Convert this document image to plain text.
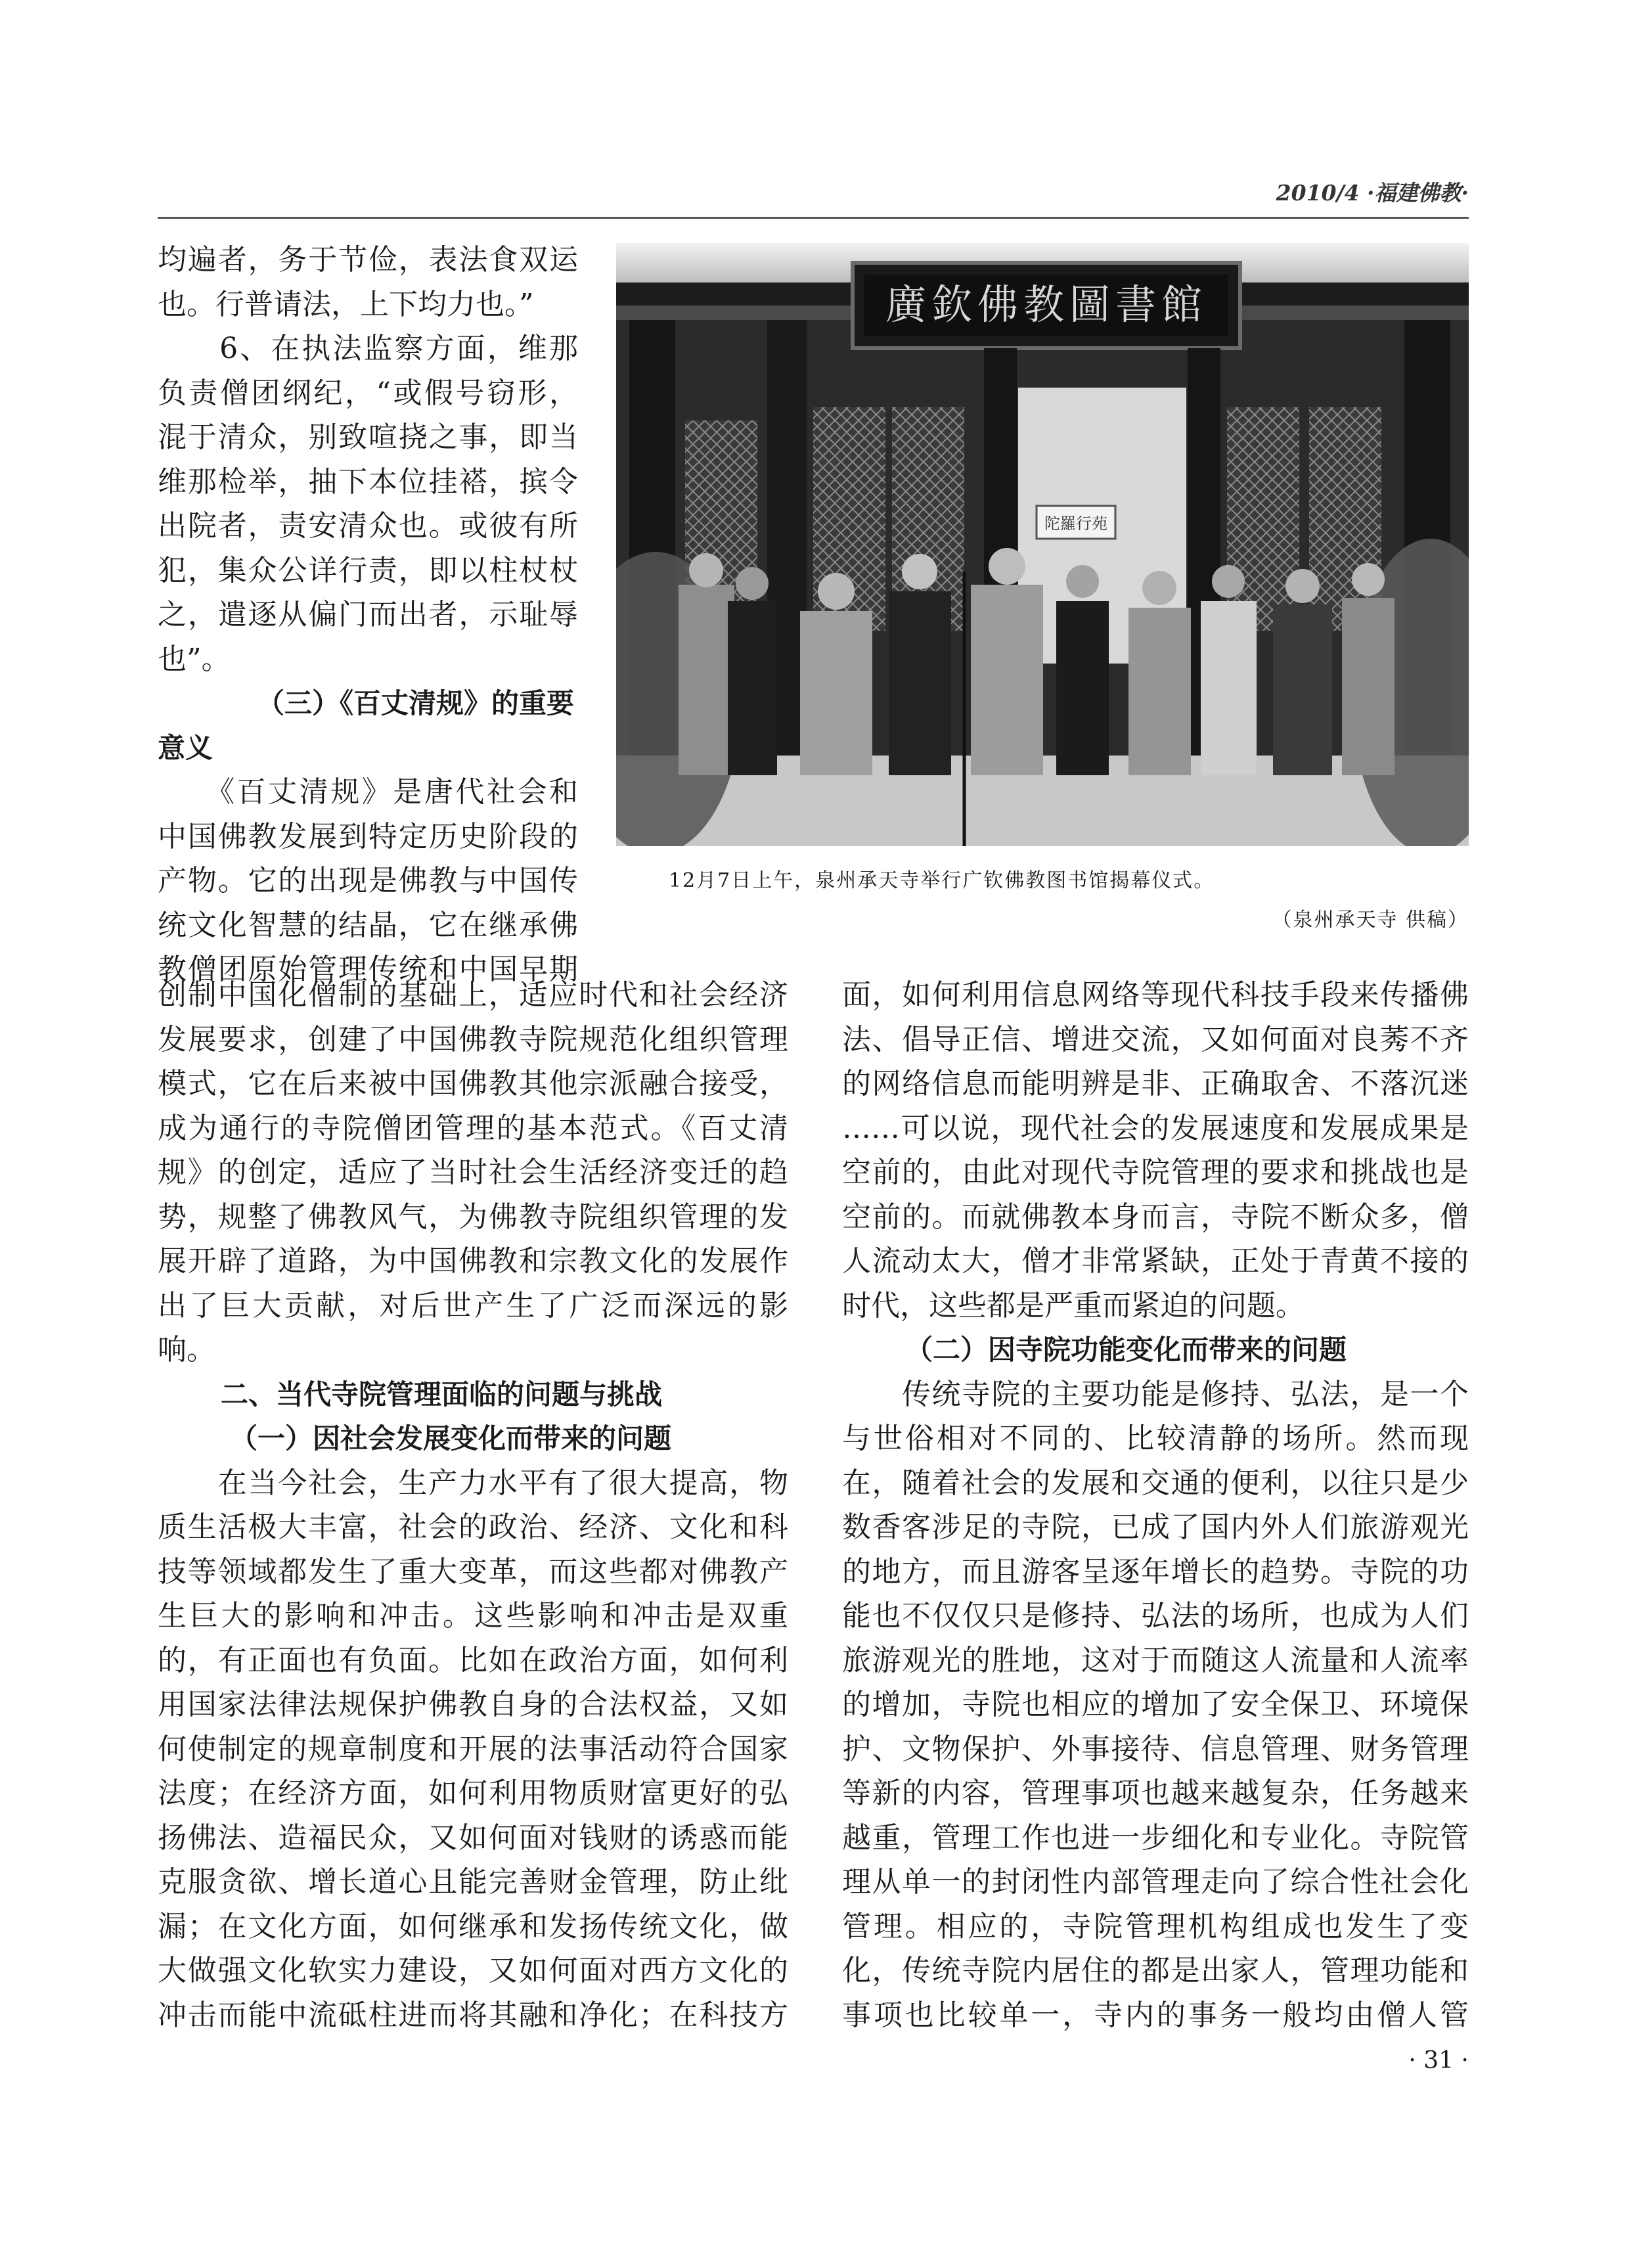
2010/4 ·福建佛教·

均遍者，务于节俭，表法食双运

也。行普请法，上下均力也。”

　　6、在执法监察方面，维那

负责僧团纲纪，“或假号窃形，

混于清众，别致喧挠之事，即当

维那检举，抽下本位挂褡，摈令

出院者，责安清众也。或彼有所

犯，集众公详行责，即以柱杖杖

之，遣逐从偏门而出者，示耻辱

也”。

（三）《百丈清规》的重要
意义

　　《百丈清规》是唐代社会和

中国佛教发展到特定历史阶段的

产物。它的出现是佛教与中国传

统文化智慧的结晶，它在继承佛

教僧团原始管理传统和中国早期

廣欽佛教圖書館
陀羅行苑
12月7日上午，泉州承天寺举行广钦佛教图书馆揭幕仪式。
（泉州承天寺 供稿）

创制中国化僧制的基础上，适应时代和社会经济

发展要求，创建了中国佛教寺院规范化组织管理

模式，它在后来被中国佛教其他宗派融合接受，

成为通行的寺院僧团管理的基本范式。《百丈清

规》的创定，适应了当时社会生活经济变迁的趋

势，规整了佛教风气，为佛教寺院组织管理的发

展开辟了道路，为中国佛教和宗教文化的发展作

出了巨大贡献，对后世产生了广泛而深远的影

响。

二、当代寺院管理面临的问题与挑战
（一）因社会发展变化而带来的问题

　　在当今社会，生产力水平有了很大提高，物

质生活极大丰富，社会的政治、经济、文化和科

技等领域都发生了重大变革，而这些都对佛教产

生巨大的影响和冲击。这些影响和冲击是双重

的，有正面也有负面。比如在政治方面，如何利

用国家法律法规保护佛教自身的合法权益，又如

何使制定的规章制度和开展的法事活动符合国家

法度；在经济方面，如何利用物质财富更好的弘

扬佛法、造福民众，又如何面对钱财的诱惑而能

克服贪欲、增长道心且能完善财金管理，防止纰

漏；在文化方面，如何继承和发扬传统文化，做

大做强文化软实力建设，又如何面对西方文化的

冲击而能中流砥柱进而将其融和净化；在科技方

面，如何利用信息网络等现代科技手段来传播佛

法、倡导正信、增进交流，又如何面对良莠不齐

的网络信息而能明辨是非、正确取舍、不落沉迷

……可以说，现代社会的发展速度和发展成果是

空前的，由此对现代寺院管理的要求和挑战也是

空前的。而就佛教本身而言，寺院不断众多，僧

人流动太大，僧才非常紧缺，正处于青黄不接的

时代，这些都是严重而紧迫的问题。

（二）因寺院功能变化而带来的问题

　　传统寺院的主要功能是修持、弘法，是一个

与世俗相对不同的、比较清静的场所。然而现

在，随着社会的发展和交通的便利，以往只是少

数香客涉足的寺院，已成了国内外人们旅游观光

的地方，而且游客呈逐年增长的趋势。寺院的功

能也不仅仅只是修持、弘法的场所，也成为人们

旅游观光的胜地，这对于而随这人流量和人流率

的增加，寺院也相应的增加了安全保卫、环境保

护、文物保护、外事接待、信息管理、财务管理

等新的内容，管理事项也越来越复杂，任务越来

越重，管理工作也进一步细化和专业化。寺院管

理从单一的封闭性内部管理走向了综合性社会化

管理。相应的，寺院管理机构组成也发生了变

化，传统寺院内居住的都是出家人，管理功能和

事项也比较单一，寺内的事务一般均由僧人管

· 31 ·
